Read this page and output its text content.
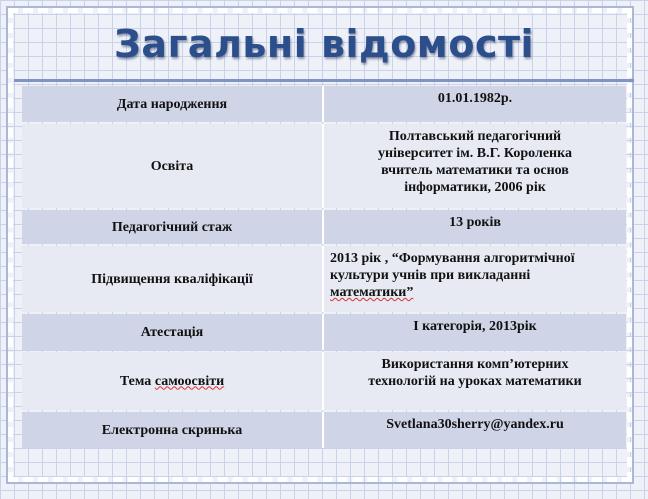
Загальні відомості
Дата народження	01.01.1982р.

Освіта	Полтавський педагогічний
університет ім. В.Г. Короленка
вчитель математики та основ
інформатики, 2006 рік

Педагогічний стаж	13 років

Підвищення кваліфікації	2013 рік , “Формування алгоритмічної
культури учнів при викладанні
математики”

Атестація	І категорія, 2013рік

Тема самоосвіти	Використання комп’ютерних
технологій на уроках математики

Електронна скринька	Svetlana30sherry@yandex.ru
